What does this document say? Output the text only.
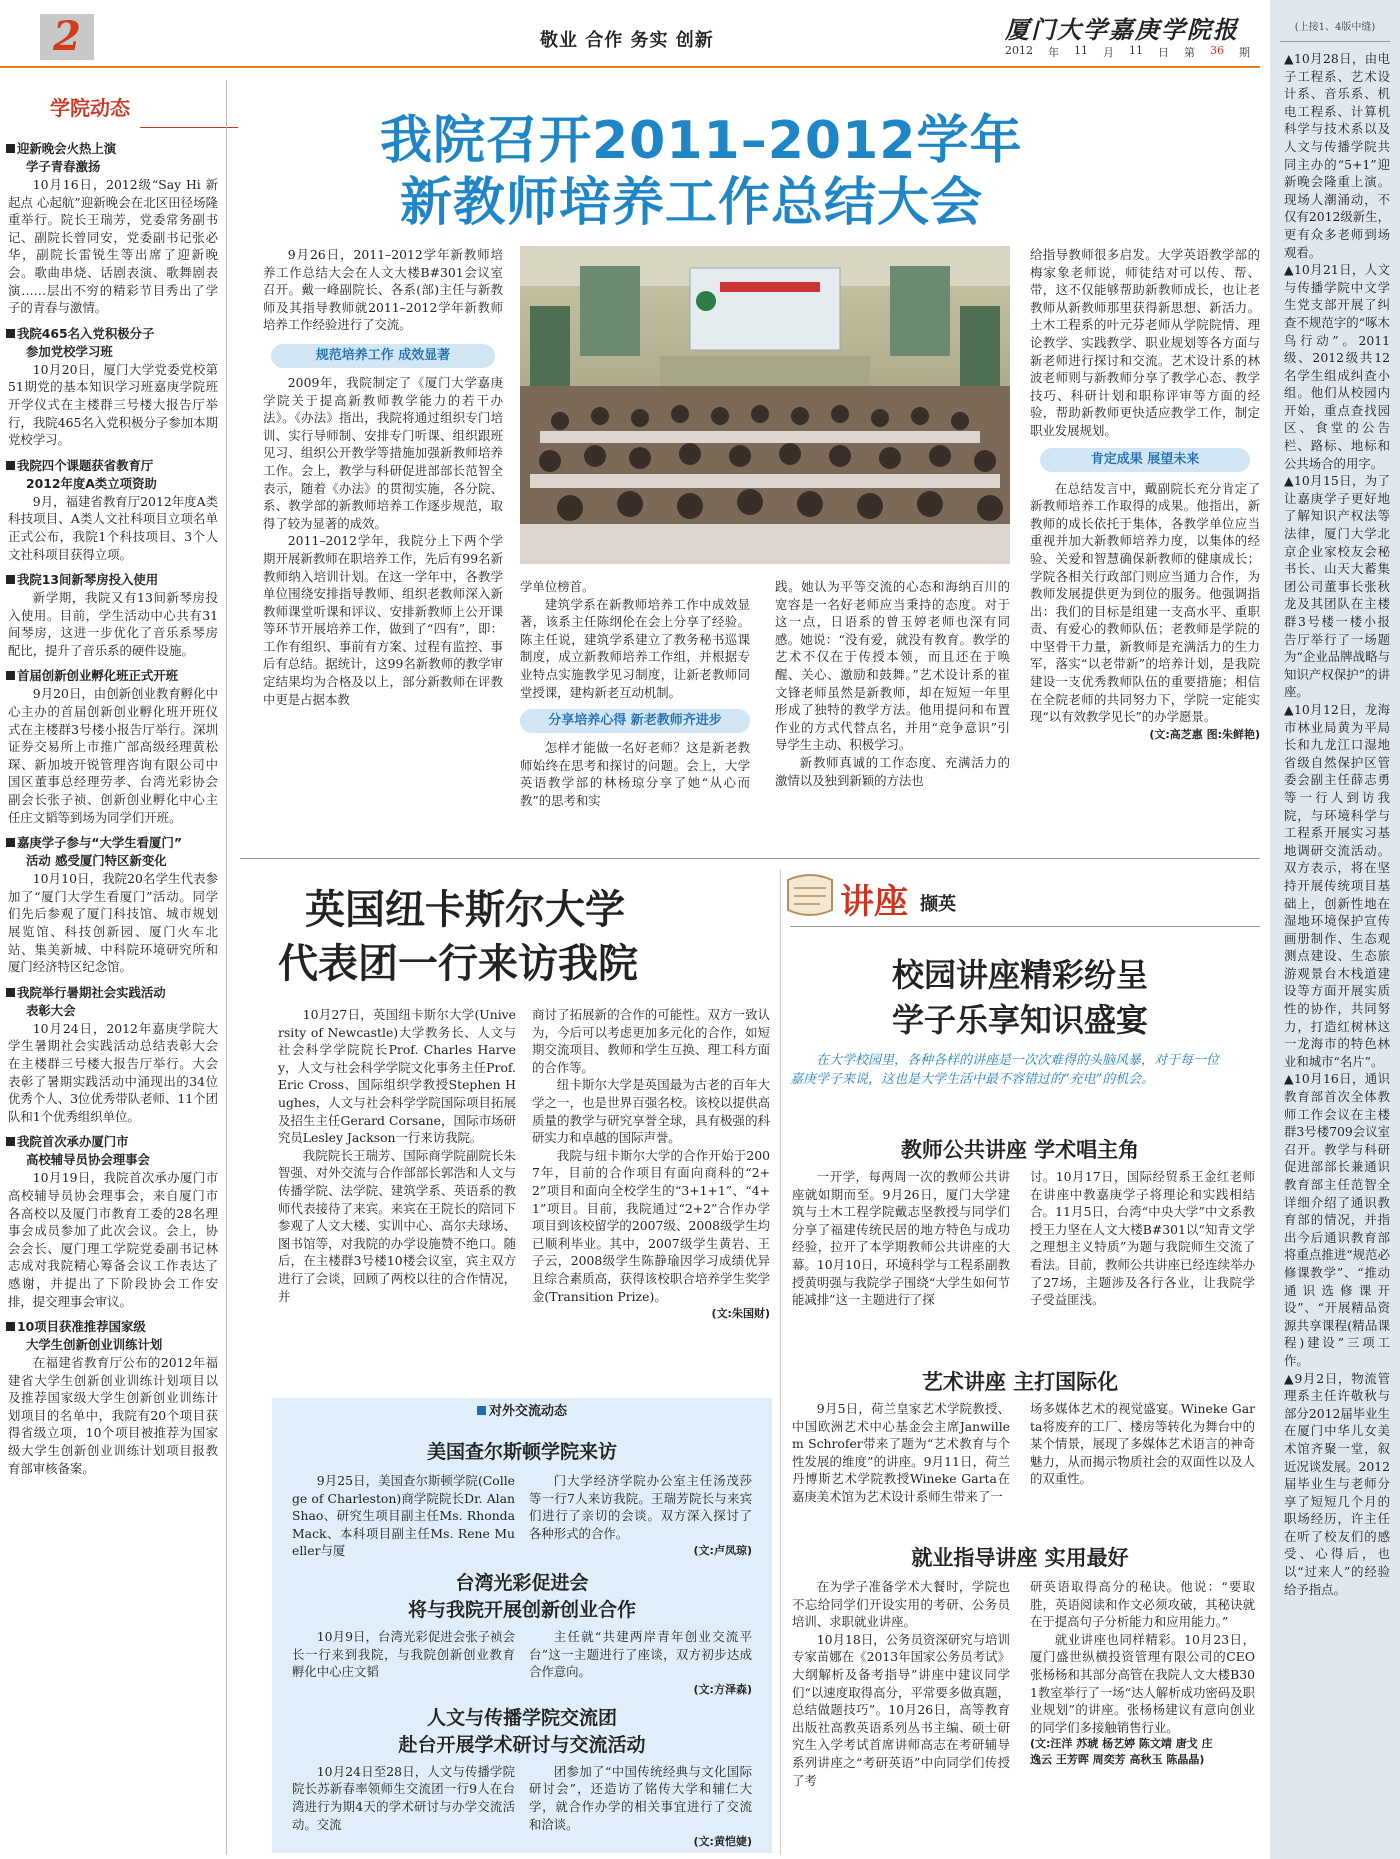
2	敬业 合作 务实 创新	厦门大学嘉庚学院报
2012 年 11 月 11 日 第 36 期
学院动态
迎新晚会火热上演
学子青春激扬

10月16日，2012级“Say Hi 新起点 心起航”迎新晚会在北区田径场隆重举行。院长王瑞芳，党委常务副书记、副院长曾同安，党委副书记张必华，副院长雷锐生等出席了迎新晚会。歌曲串烧、话剧表演、歌舞剧表演……层出不穷的精彩节目秀出了学子的青春与激情。

我院465名入党积极分子
参加党校学习班

10月20日，厦门大学党委党校第51期党的基本知识学习班嘉庚学院班开学仪式在主楼群三号楼大报告厅举行，我院465名入党积极分子参加本期党校学习。

我院四个课题获省教育厅
2012年度A类立项资助

9月，福建省教育厅2012年度A类科技项目、A类人文社科项目立项名单正式公布，我院1个科技项目、3个人文社科项目获得立项。

我院13间新琴房投入使用

新学期，我院又有13间新琴房投入使用。目前，学生活动中心共有31间琴房，这进一步优化了音乐系琴房配比，提升了音乐系的硬件设施。

首届创新创业孵化班正式开班

9月20日，由创新创业教育孵化中心主办的首届创新创业孵化班开班仪式在主楼群3号楼小报告厅举行。深圳证券交易所上市推广部高级经理黄松琛、新加坡开锐管理咨询有限公司中国区董事总经理劳孝、台湾光彩协会副会长张子祯、创新创业孵化中心主任庄文韬等到场为同学们开班。

嘉庚学子参与“大学生看厦门”
活动 感受厦门特区新变化

10月10日，我院20名学生代表参加了“厦门大学生看厦门”活动。同学们先后参观了厦门科技馆、城市规划展览馆、科技创新园、厦门火车北站、集美新城、中科院环境研究所和厦门经济特区纪念馆。

我院举行暑期社会实践活动
表彰大会

10月24日，2012年嘉庚学院大学生暑期社会实践活动总结表彰大会在主楼群三号楼大报告厅举行。大会表彰了暑期实践活动中涌现出的34位优秀个人、3位优秀带队老师、11个团队和1个优秀组织单位。

我院首次承办厦门市
高校辅导员协会理事会

10月19日，我院首次承办厦门市高校辅导员协会理事会，来自厦门市各高校以及厦门市教育工委的28名理事会成员参加了此次会议。会上，协会会长、厦门理工学院党委副书记林志成对我院精心筹备会议工作表达了感谢，并提出了下阶段协会工作安排，提交理事会审议。

10项目获准推荐国家级
大学生创新创业训练计划

在福建省教育厅公布的2012年福建省大学生创新创业训练计划项目以及推荐国家级大学生创新创业训练计划项目的名单中，我院有20个项目获得省级立项，10个项目被推荐为国家级大学生创新创业训练计划项目报教育部审核备案。

我院召开2011–2012学年
新教师培养工作总结大会

9月26日，2011–2012学年新教师培养工作总结大会在人文大楼B#301会议室召开。戴一峰副院长、各系(部)主任与新教师及其指导教师就2011–2012学年新教师培养工作经验进行了交流。

规范培养工作 成效显著

2009年，我院制定了《厦门大学嘉庚学院关于提高新教师教学能力的若干办法》。《办法》指出，我院将通过组织专门培训、实行导师制、安排专门听课、组织跟班见习、组织公开教学等措施加强新教师培养工作。会上，教学与科研促进部部长范智全表示，随着《办法》的贯彻实施，各分院、系、教学部的新教师培养工作逐步规范，取得了较为显著的成效。

2011–2012学年，我院分上下两个学期开展新教师在职培养工作，先后有99名新教师纳入培训计划。在这一学年中，各教学单位围绕安排指导教师、组织老教师深入新教师课堂听课和评议、安排新教师上公开课等环节开展培养工作，做到了“四有”，即：工作有组织、事前有方案、过程有监控、事后有总结。据统计，这99名新教师的教学审定结果均为合格及以上，部分新教师在评教中更是占据本教

学单位榜首。

建筑学系在新教师培养工作中成效显著，该系主任陈纲伦在会上分享了经验。陈主任说，建筑学系建立了教务秘书巡课制度，成立新教师培养工作组，并根据专业特点实施教学见习制度，让新老教师同堂授课，建构新老互动机制。

分享培养心得 新老教师齐进步

怎样才能做一名好老师？这是新老教师始终在思考和探讨的问题。会上，大学英语教学部的林杨琼分享了她“从心而教”的思考和实

践。她认为平等交流的心态和海纳百川的宽容是一名好老师应当秉持的态度。对于这一点，日语系的曾玉婷老师也深有同感。她说：“没有爱，就没有教育。教学的艺术不仅在于传授本领，而且还在于唤醒、关心、激励和鼓舞。”艺术设计系的崔文锋老师虽然是新教师，却在短短一年里形成了独特的教学方法。他用提问和布置作业的方式代替点名，并用“竞争意识”引导学生主动、积极学习。

新教师真诚的工作态度、充满活力的激情以及独到新颖的方法也

给指导教师很多启发。大学英语教学部的梅家象老师说，师徒结对可以传、帮、带，这不仅能够帮助新教师成长，也让老教师从新教师那里获得新思想、新活力。土木工程系的叶元芬老师从学院院情、理论教学、实践教学、职业规划等各方面与新老师进行探讨和交流。艺术设计系的林波老师则与新教师分享了教学心态、教学技巧、科研计划和职称评审等方面的经验，帮助新教师更快适应教学工作，制定职业发展规划。

肯定成果 展望未来

在总结发言中，戴副院长充分肯定了新教师培养工作取得的成果。他指出，新教师的成长依托于集体，各教学单位应当重视并加大新教师培养力度，以集体的经验、关爱和智慧确保新教师的健康成长；学院各相关行政部门则应当通力合作，为教师发展提供更为到位的服务。他强调指出：我们的目标是组建一支高水平、重职责、有爱心的教师队伍；老教师是学院的中坚骨干力量，新教师是充满活力的生力军，落实“以老带新”的培养计划，是我院建设一支优秀教师队伍的重要措施；相信在全院老师的共同努力下，学院一定能实现“以有效教学见长”的办学愿景。

(文:高芝惠 图:朱鲜艳)
英国纽卡斯尔大学
代表团一行来访我院

10月27日，英国纽卡斯尔大学(University of Newcastle)大学教务长、人文与社会科学学院院长Prof. Charles Harvey，人文与社会科学学院文化事务主任Prof.Eric Cross、国际组织学教授Stephen Hughes，人文与社会科学学院国际项目拓展及招生主任Gerard Corsane，国际市场研究员Lesley Jackson一行来访我院。

我院院长王瑞芳、国际商学院副院长朱智强、对外交流与合作部部长郭浩和人文与传播学院、法学院、建筑学系、英语系的教师代表接待了来宾。来宾在王院长的陪同下参观了人文大楼、实训中心、高尔夫球场、图书馆等，对我院的办学设施赞不绝口。随后，在主楼群3号楼10楼会议室，宾主双方进行了会谈，回顾了两校以往的合作情况，并

商讨了拓展新的合作的可能性。双方一致认为，今后可以考虑更加多元化的合作，如短期交流项目、教师和学生互换、理工科方面的合作等。

纽卡斯尔大学是英国最为古老的百年大学之一，也是世界百强名校。该校以提供高质量的教学与研究享誉全球，具有极强的科研实力和卓越的国际声誉。

我院与纽卡斯尔大学的合作开始于2007年，目前的合作项目有面向商科的“2+2”项目和面向全校学生的“3+1+1”、“4+1”项目。目前，我院通过“2+2”合作办学项目到该校留学的2007级、2008级学生均已顺利毕业。其中，2007级学生黄岩、王子云，2008级学生陈静瑜因学习成绩优异且综合素质高，获得该校职合培养学生奖学金(Transition Prize)。

(文:朱国财)
对外交流动态
美国查尔斯顿学院来访

9月25日，美国查尔斯顿学院(College of Charleston)商学院院长Dr. Alan Shao、研究生项目副主任Ms. Rhonda Mack、本科项目副主任Ms. Rene Mueller与厦

门大学经济学院办公室主任汤茂莎等一行7人来访我院。王瑞芳院长与来宾们进行了亲切的会谈。双方深入探讨了各种形式的合作。

(文:卢凤琼)
台湾光彩促进会
将与我院开展创新创业合作

10月9日，台湾光彩促进会张子祯会长一行来到我院，与我院创新创业教育孵化中心庄文韬

主任就“共建两岸青年创业交流平台”这一主题进行了座谈，双方初步达成合作意向。

(文:方泽森)
人文与传播学院交流团
赴台开展学术研讨与交流活动

10月24日至28日，人文与传播学院院长苏新春率领师生交流团一行9人在台湾进行为期4天的学术研讨与办学交流活动。交流

团参加了“中国传统经典与文化国际研讨会”，还造访了铭传大学和辅仁大学，就合作办学的相关事宜进行了交流和洽谈。

(文:黄恺婕)
讲座 撷英
校园讲座精彩纷呈
学子乐享知识盛宴
在大学校园里，各种各样的讲座是一次次难得的头脑风暴，对于每一位嘉庚学子来说，这也是大学生活中最不容错过的“充电”的机会。
教师公共讲座 学术唱主角

一开学，每两周一次的教师公共讲座就如期而至。9月26日，厦门大学建筑与土木工程学院戴志坚教授与同学们分享了福建传统民居的地方特色与成功经验，拉开了本学期教师公共讲座的大幕。10月10日，环境科学与工程系副教授黄明强与我院学子围绕“大学生如何节能减排”这一主题进行了探

讨。10月17日，国际经贸系王金红老师在讲座中教嘉庚学子将理论和实践相结合。11月5日，台湾“中央大学”中文系教授王力坚在人文大楼B#301以“知青文学之理想主义特质”为题与我院师生交流了看法。目前，教师公共讲座已经连续举办了27场，主题涉及各行各业，让我院学子受益匪浅。

艺术讲座 主打国际化

9月5日，荷兰皇家艺术学院教授、中国欧洲艺术中心基金会主席Janwillem Schrofer带来了题为“艺术教育与个性发展的维度”的讲座。9月11日，荷兰丹博斯艺术学院教授Wineke Garta在嘉庚美术馆为艺术设计系师生带来了一

场多媒体艺术的视觉盛宴。Wineke Garta将废弃的工厂、楼房等转化为舞台中的某个情景，展现了多媒体艺术语言的神奇魅力，从而揭示物质社会的双面性以及人的双重性。

就业指导讲座 实用最好

在为学子准备学术大餐时，学院也不忘给同学们开设实用的考研、公务员培训、求职就业讲座。

10月18日，公务员资深研究与培训专家苗娜在《2013年国家公务员考试》大纲解析及备考指导”讲座中建议同学们“以速度取得高分，平常要多做真题，总结做题技巧”。10月26日，高等教育出版社高教英语系列丛书主编、硕士研究生入学考试首席讲师高志在考研辅导系列讲座之“考研英语”中向同学们传授了考

研英语取得高分的秘诀。他说：“要取胜，英语阅读和作文必须攻破，其秘诀就在于提高句子分析能力和应用能力。”

就业讲座也同样精彩。10月23日，厦门盛世纵横投资管理有限公司的CEO张杨杨和其部分高管在我院人文大楼B301教室举行了一场“达人解析成功密码及职业规划”的讲座。张杨杨建议有意向创业的同学们多接触销售行业。

(文:汪洋 苏琥 杨艺婷 陈文靖 唐戈 庄
逸云 王芳晖 周奕芳 高秋玉 陈晶晶)
(上接1、4版中缝)

▲10月28日，由电子工程系、艺术设计系、音乐系、机电工程系、计算机科学与技术系以及人文与传播学院共同主办的“5+1”迎新晚会隆重上演。现场人潮涌动，不仅有2012级新生，更有众多老师到场观看。

▲10月21日，人文与传播学院中文学生党支部开展了纠查不规范字的“啄木鸟行动”。2011级、2012级共12名学生组成纠查小组。他们从校园内开始，重点查找园区、食堂的公告栏、路标、地标和公共场合的用字。

▲10月15日，为了让嘉庚学子更好地了解知识产权法等法律，厦门大学北京企业家校友会秘书长、山天大蓄集团公司董事长张秋龙及其团队在主楼群3号楼一楼小报告厅举行了一场题为“企业品牌战略与知识产权保护”的讲座。

▲10月12日，龙海市林业局黄为平局长和九龙江口湿地省级自然保护区管委会副主任薛志勇等一行人到访我院，与环境科学与工程系开展实习基地调研交流活动。双方表示，将在坚持开展传统项目基础上，创新性地在湿地环境保护宣传画册制作、生态观测点建设、生态旅游观景台木栈道建设等方面开展实质性的协作，共同努力，打造红树林这一龙海市的特色林业和城市“名片”。

▲10月16日，通识教育部首次全体教师工作会议在主楼群3号楼709会议室召开。教学与科研促进部部长兼通识教育部主任范智全详细介绍了通识教育部的情况，并指出今后通识教育部将重点推进“规范必修课教学”、“推动通识选修课开设”、“开展精品资源共享课程(精品课程)建设”三项工作。

▲9月2日，物流管理系主任许敬秋与部分2012届毕业生在厦门中华儿女美术馆齐聚一堂，叙近况谈发展。2012届毕业生与老师分享了短短几个月的职场经历，许主任在听了校友们的感受、心得后，也以“过来人”的经验给予指点。
